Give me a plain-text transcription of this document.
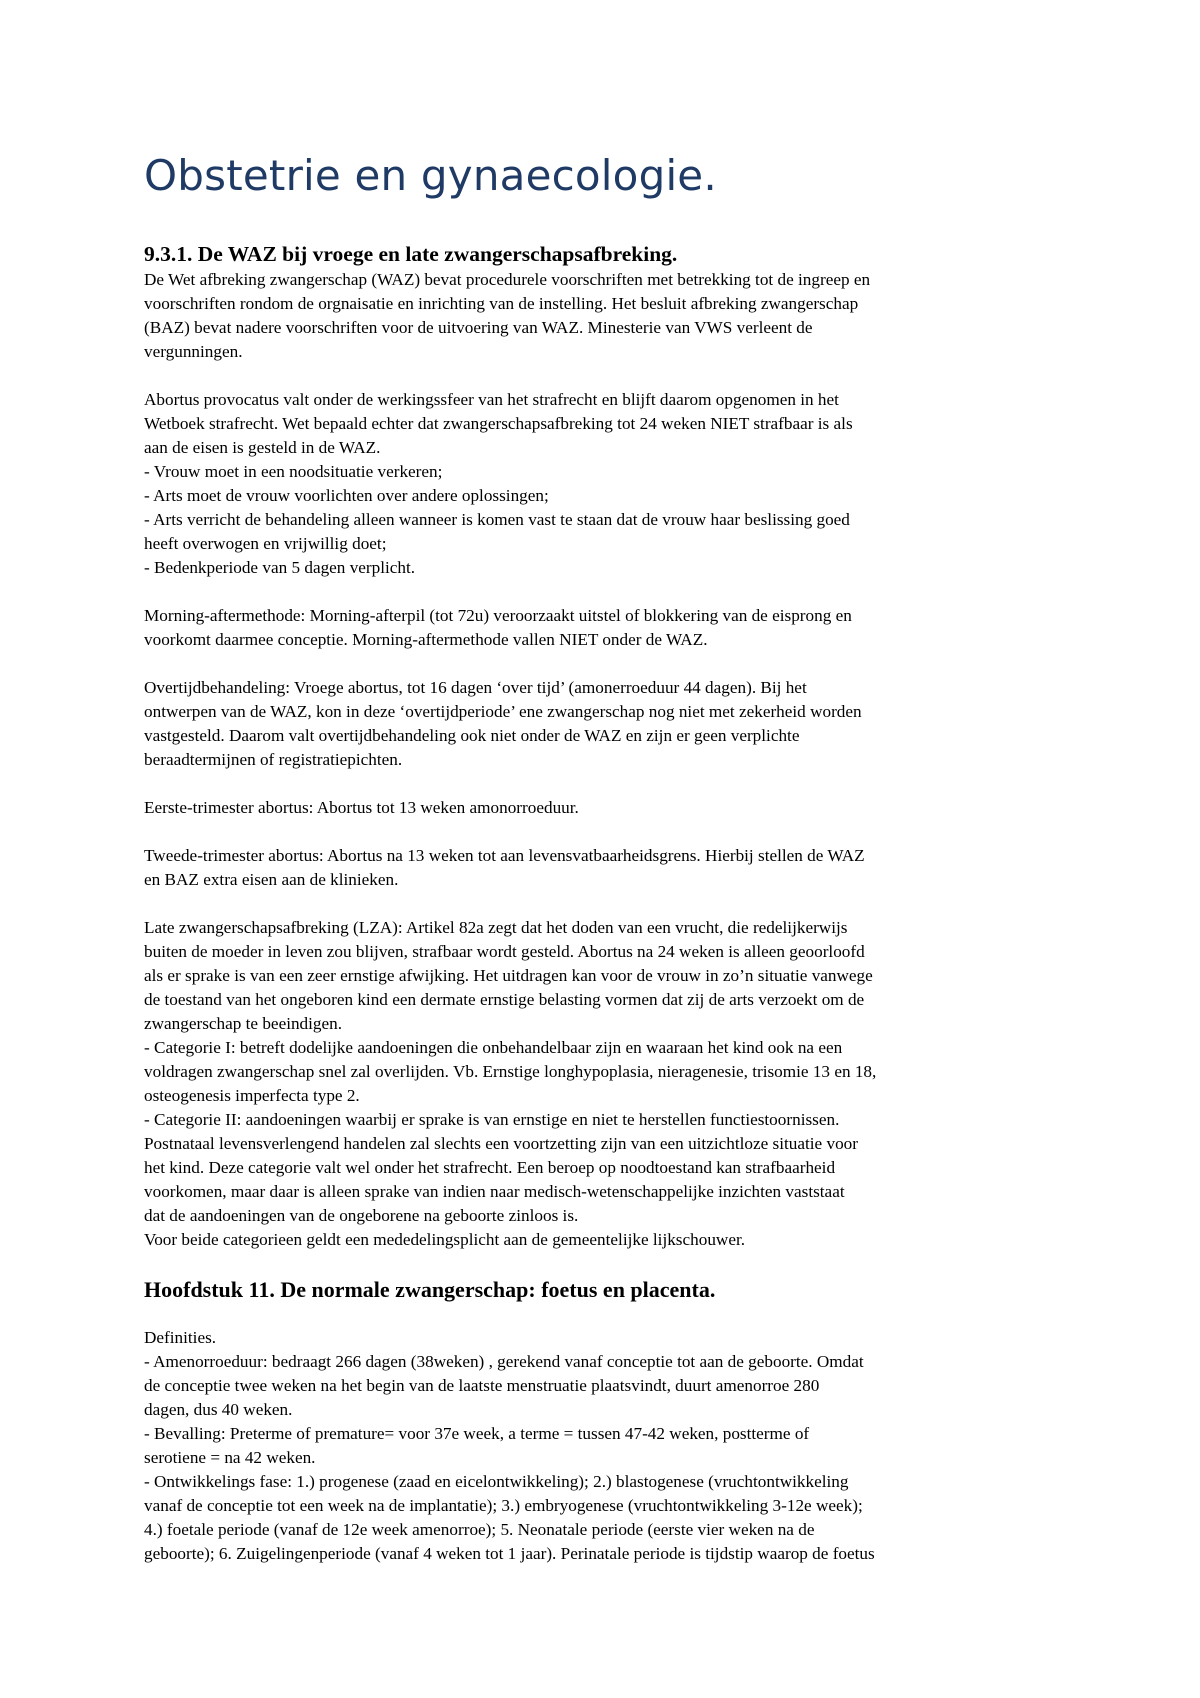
Obstetrie en gynaecologie.
9.3.1. De WAZ bij vroege en late zwangerschapsafbreking.

De Wet afbreking zwangerschap (WAZ) bevat procedurele voorschriften met betrekking tot de ingreep en
voorschriften rondom de orgnaisatie en inrichting van de instelling. Het besluit afbreking zwangerschap
(BAZ) bevat nadere voorschriften voor de uitvoering van WAZ. Minesterie van VWS verleent de
vergunningen.

Abortus provocatus valt onder de werkingssfeer van het strafrecht en blijft daarom opgenomen in het
Wetboek strafrecht. Wet bepaald echter dat zwangerschapsafbreking tot 24 weken NIET strafbaar is als
aan de eisen is gesteld in de WAZ.
- Vrouw moet in een noodsituatie verkeren;
- Arts moet de vrouw voorlichten over andere oplossingen;
- Arts verricht de behandeling alleen wanneer is komen vast te staan dat de vrouw haar beslissing goed
heeft overwogen en vrijwillig doet;
- Bedenkperiode van 5 dagen verplicht.

Morning-aftermethode: Morning-afterpil (tot 72u) veroorzaakt uitstel of blokkering van de eisprong en
voorkomt daarmee conceptie. Morning-aftermethode vallen NIET onder de WAZ.

Overtijdbehandeling: Vroege abortus, tot 16 dagen ‘over tijd’ (amonerroeduur 44 dagen). Bij het
ontwerpen van de WAZ, kon in deze ‘overtijdperiode’ ene zwangerschap nog niet met zekerheid worden
vastgesteld. Daarom valt overtijdbehandeling ook niet onder de WAZ en zijn er geen verplichte
beraadtermijnen of registratiepichten.

Eerste-trimester abortus: Abortus tot 13 weken amonorroeduur.

Tweede-trimester abortus: Abortus na 13 weken tot aan levensvatbaarheidsgrens. Hierbij stellen de WAZ
en BAZ extra eisen aan de klinieken.

Late zwangerschapsafbreking (LZA): Artikel 82a zegt dat het doden van een vrucht, die redelijkerwijs
buiten de moeder in leven zou blijven, strafbaar wordt gesteld. Abortus na 24 weken is alleen geoorloofd
als er sprake is van een zeer ernstige afwijking. Het uitdragen kan voor de vrouw in zo’n situatie vanwege
de toestand van het ongeboren kind een dermate ernstige belasting vormen dat zij de arts verzoekt om de
zwangerschap te beeindigen.
- Categorie I: betreft dodelijke aandoeningen die onbehandelbaar zijn en waaraan het kind ook na een
voldragen zwangerschap snel zal overlijden. Vb. Ernstige longhypoplasia, nieragenesie, trisomie 13 en 18,
osteogenesis imperfecta type 2.
- Categorie II: aandoeningen waarbij er sprake is van ernstige en niet te herstellen functiestoornissen.
Postnataal levensverlengend handelen zal slechts een voortzetting zijn van een uitzichtloze situatie voor
het kind. Deze categorie valt wel onder het strafrecht. Een beroep op noodtoestand kan strafbaarheid
voorkomen, maar daar is alleen sprake van indien naar medisch-wetenschappelijke inzichten vaststaat
dat de aandoeningen van de ongeborene na geboorte zinloos is.
Voor beide categorieen geldt een mededelingsplicht aan de gemeentelijke lijkschouwer.

Hoofdstuk 11. De normale zwangerschap: foetus en placenta.

Definities.
- Amenorroeduur: bedraagt 266 dagen (38weken) , gerekend vanaf conceptie tot aan de geboorte. Omdat
de conceptie twee weken na het begin van de laatste menstruatie plaatsvindt, duurt amenorroe 280
dagen, dus 40 weken.
- Bevalling: Preterme of premature= voor 37e week, a terme = tussen 47-42 weken, postterme of
serotiene = na 42 weken.
- Ontwikkelings fase: 1.) progenese (zaad en eicelontwikkeling); 2.) blastogenese (vruchtontwikkeling
vanaf de conceptie tot een week na de implantatie); 3.) embryogenese (vruchtontwikkeling 3-12e week);
4.) foetale periode (vanaf de 12e week amenorroe); 5. Neonatale periode (eerste vier weken na de
geboorte); 6. Zuigelingenperiode (vanaf 4 weken tot 1 jaar). Perinatale periode is tijdstip waarop de foetus
